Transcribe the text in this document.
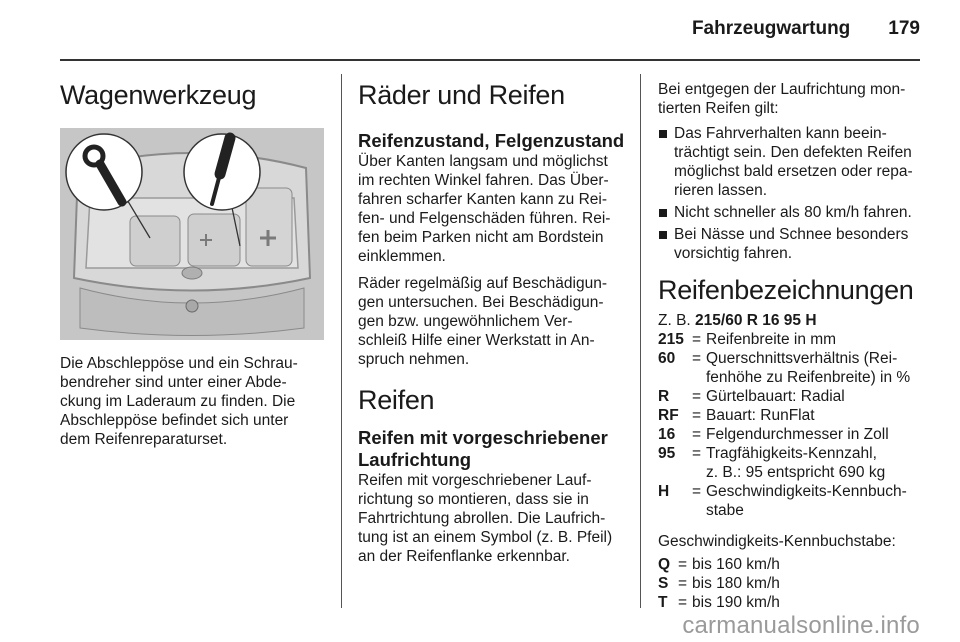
Fahrzeugwartung 179
Wagenwerkzeug

Die Abschleppöse und ein Schrau-
bendreher sind unter einer Abde-
ckung im Laderaum zu finden. Die
Abschleppöse befindet sich unter
dem Reifenreparaturset.

Räder und Reifen
Reifenzustand, Felgenzustand

Über Kanten langsam und möglichst
im rechten Winkel fahren. Das Über-
fahren scharfer Kanten kann zu Rei-
fen- und Felgenschäden führen. Rei-
fen beim Parken nicht am Bordstein
einklemmen.

Räder regelmäßig auf Beschädigun-
gen untersuchen. Bei Beschädigun-
gen bzw. ungewöhnlichem Ver-
schleiß Hilfe einer Werkstatt in An-
spruch nehmen.

Reifen
Reifen mit vorgeschriebener
Laufrichtung

Reifen mit vorgeschriebener Lauf-
richtung so montieren, dass sie in
Fahrtrichtung abrollen. Die Laufrich-
tung ist an einem Symbol (z. B. Pfeil)
an der Reifenflanke erkennbar.

Bei entgegen der Laufrichtung mon-
tierten Reifen gilt:

Das Fahrverhalten kann beein-
trächtigt sein. Den defekten Reifen
möglichst bald ersetzen oder repa-
rieren lassen.
Nicht schneller als 80 km/h fahren.
Bei Nässe und Schnee besonders
vorsichtig fahren.
Reifenbezeichnungen

Z. B. 215/60 R 16 95 H

215 = Reifenbreite in mm
60	= Querschnittsverhältnis (Rei-
fenhöhe zu Reifenbreite) in %
R	= Gürtelbauart: Radial
RF = Bauart: RunFlat
16	= Felgendurchmesser in Zoll
95	= Tragfähigkeits-Kennzahl,
z. B.: 95 entspricht 690 kg
H	= Geschwindigkeits-Kennbuch-
stabe

Geschwindigkeits-Kennbuchstabe:

Q = bis 160 km/h
S = bis 180 km/h
T = bis 190 km/h
carmanualsonline.info
